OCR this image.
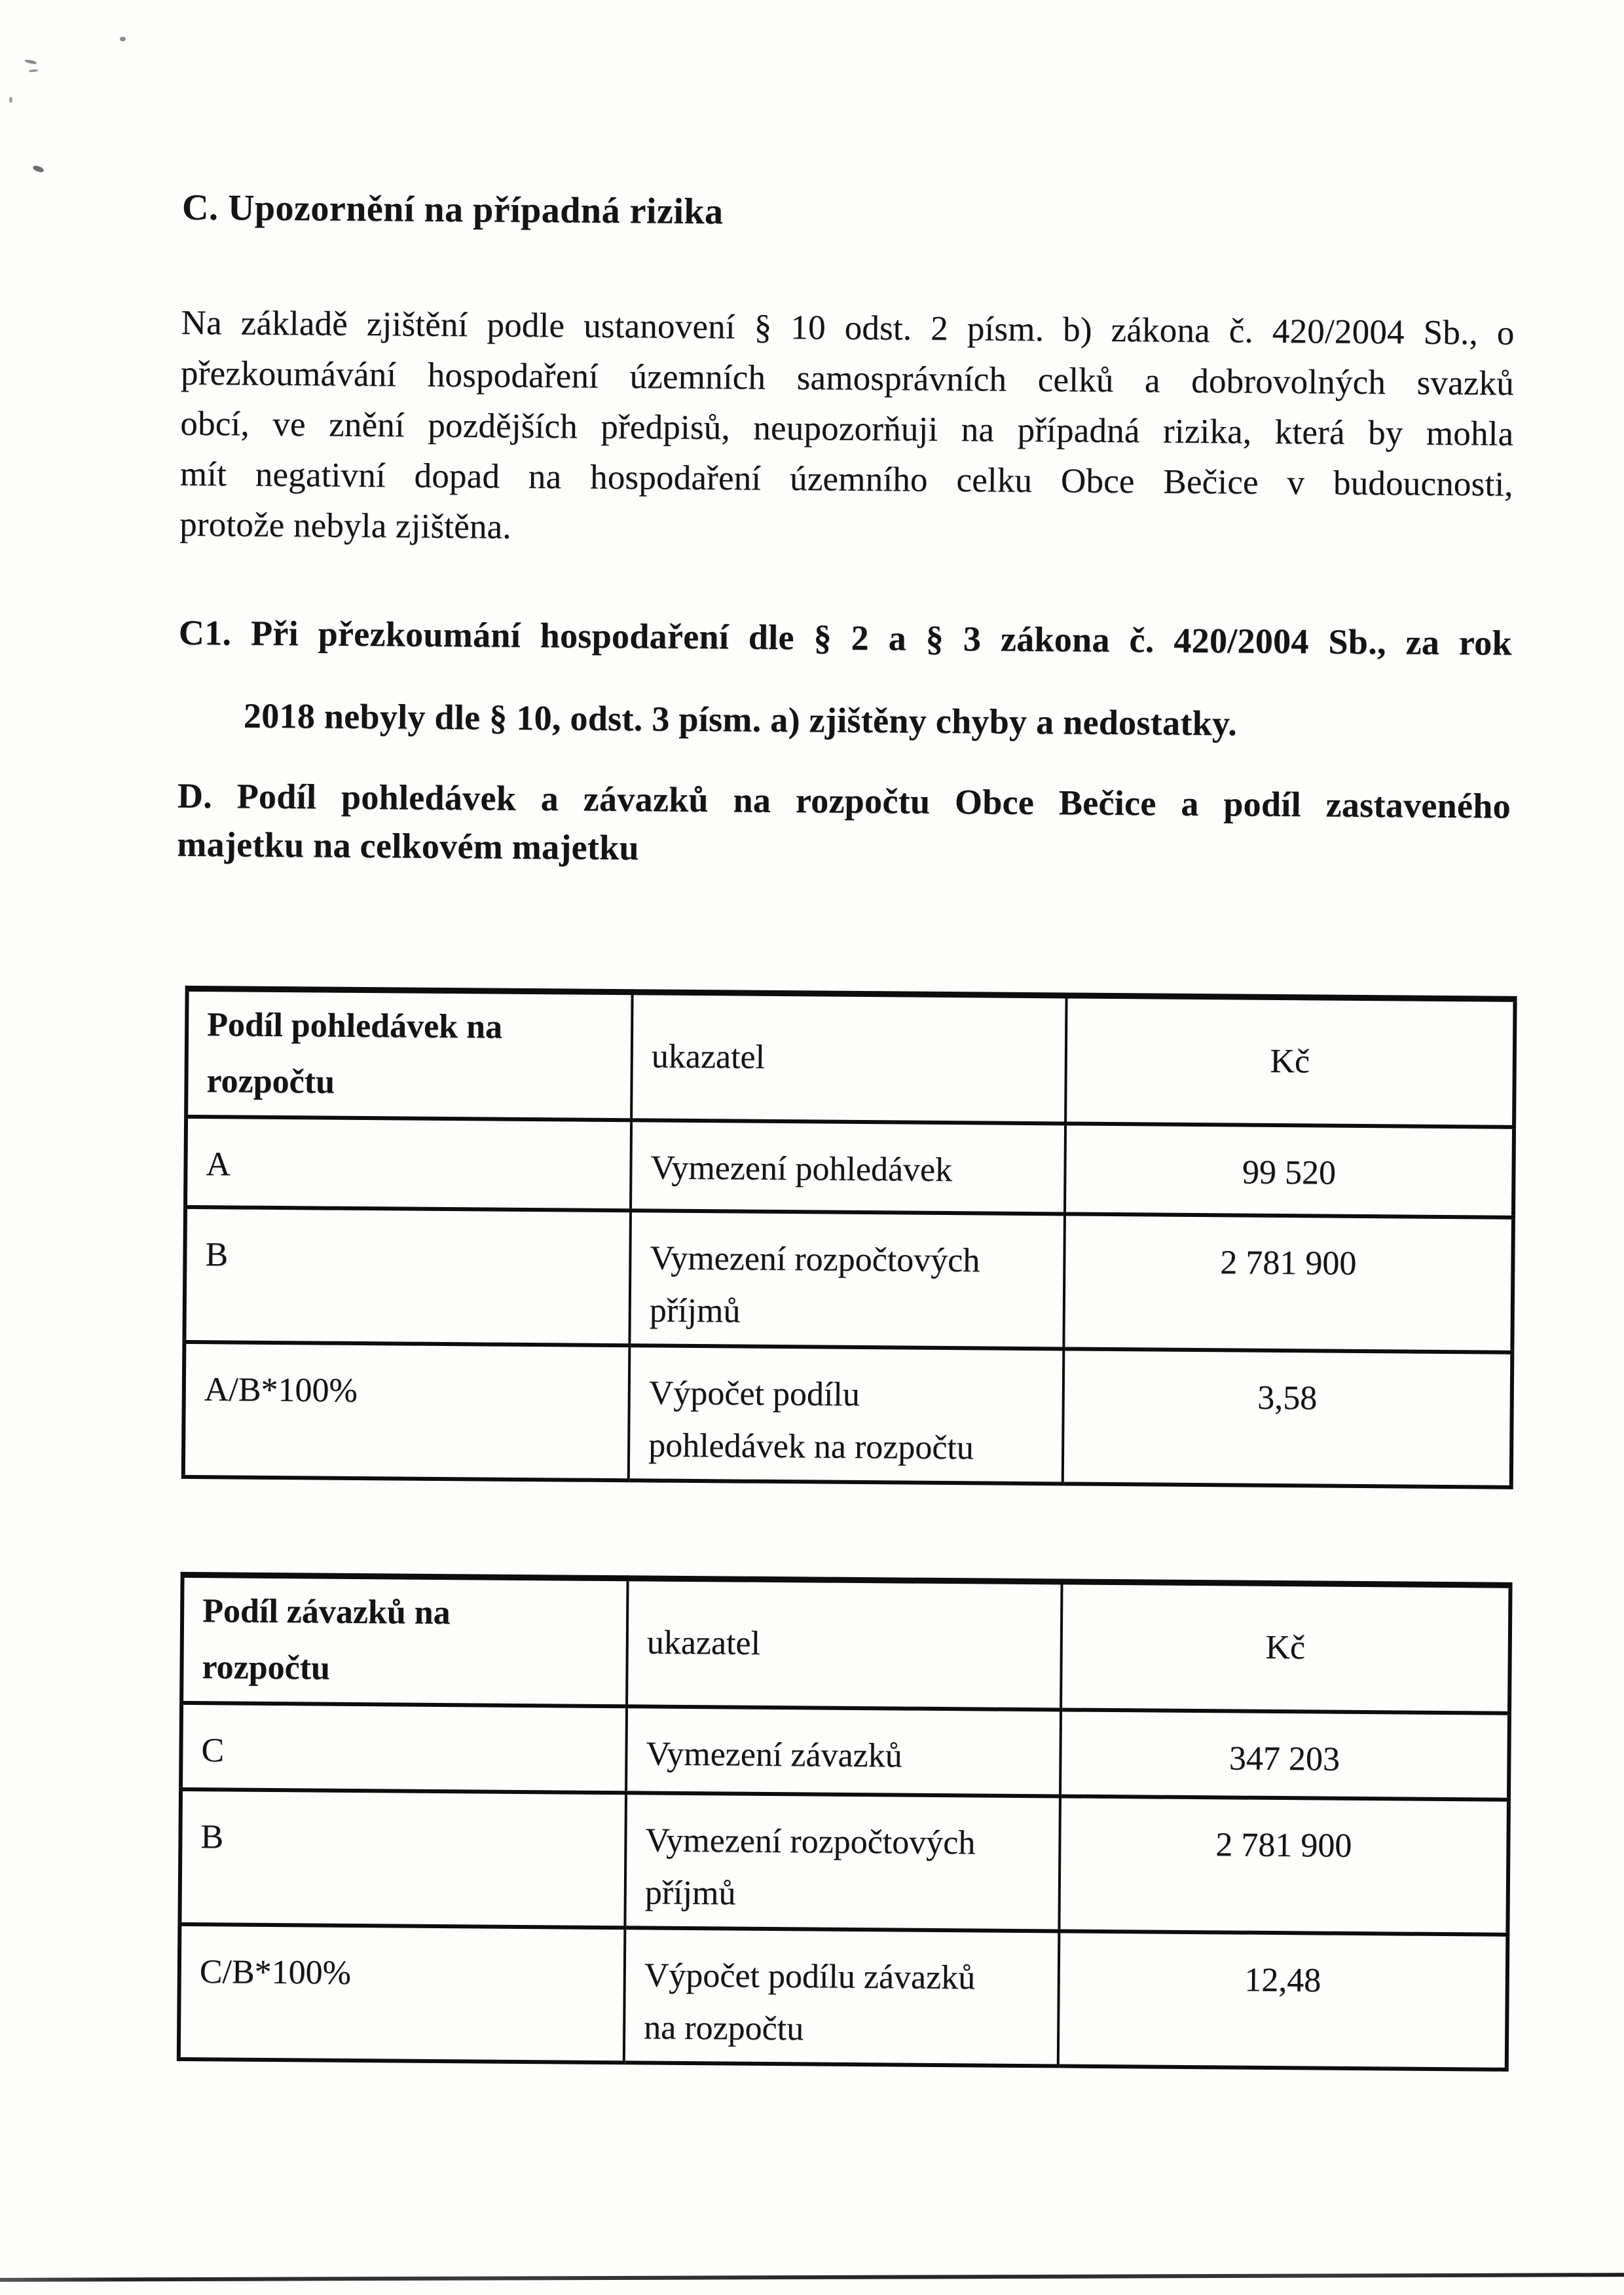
C. Upozornění na případná rizika
Na základě zjištění podle ustanovení § 10 odst. 2 písm. b) zákona č. 420/2004 Sb., o
přezkoumávání hospodaření územních samosprávních celků a dobrovolných svazků
obcí, ve znění pozdějších předpisů, neupozorňuji na případná rizika, která by mohla
mít negativní dopad na hospodaření územního celku Obce Bečice v budoucnosti,
protože nebyla zjištěna.
C1. Při přezkoumání hospodaření dle § 2 a § 3 zákona č. 420/2004 Sb., za rok
2018 nebyly dle § 10, odst. 3 písm. a) zjištěny chyby a nedostatky.
D. Podíl pohledávek a závazků na rozpočtu Obce Bečice a podíl zastaveného
majetku na celkovém majetku
Podíl pohledávek na
rozpočtu	ukazatel	Kč
A	Vymezení pohledávek	99 520
B	Vymezení rozpočtových
příjmů	2 781 900
A/B*100%	Výpočet podílu
pohledávek na rozpočtu	3,58
Podíl závazků na
rozpočtu	ukazatel	Kč
C	Vymezení závazků	347 203
B	Vymezení rozpočtových
příjmů	2 781 900
C/B*100%	Výpočet podílu závazků
na rozpočtu	12,48
